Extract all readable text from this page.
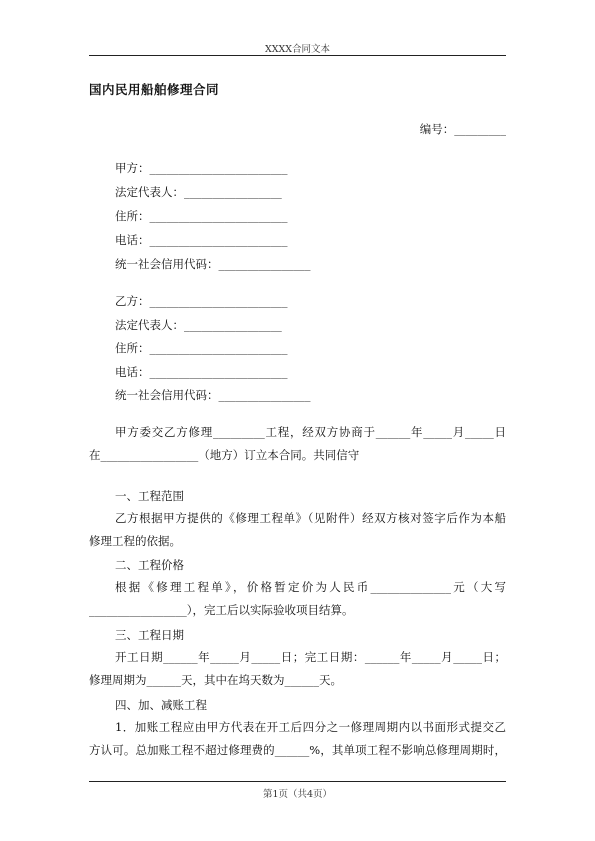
XXXX合同文本
国内民用船舶修理合同
编号：_________
甲方：________________________
法定代表人：_________________
住所：________________________
电话：________________________
统一社会信用代码：________________
乙方：________________________
法定代表人：_________________
住所：________________________
电话：________________________
统一社会信用代码：________________
甲方委交乙方修理_________工程，经双方协商于______年_____月_____日
在_________________（地方）订立本合同。共同信守
一、工程范围
乙方根据甲方提供的《修理工程单》（见附件）经双方核对签字后作为本船
修理工程的依据。
二、工程价格
根据《修理工程单》，价格暂定价为人民币______________元（大写
_________________），完工后以实际验收项目结算。
三、工程日期
开工日期______年_____月_____日；完工日期：______年_____月_____日；
修理周期为______天，其中在坞天数为______天。
四、加、减账工程
1．加账工程应由甲方代表在开工后四分之一修理周期内以书面形式提交乙
方认可。总加账工程不超过修理费的______%，其单项工程不影响总修理周期时，
第1页（共4页）
